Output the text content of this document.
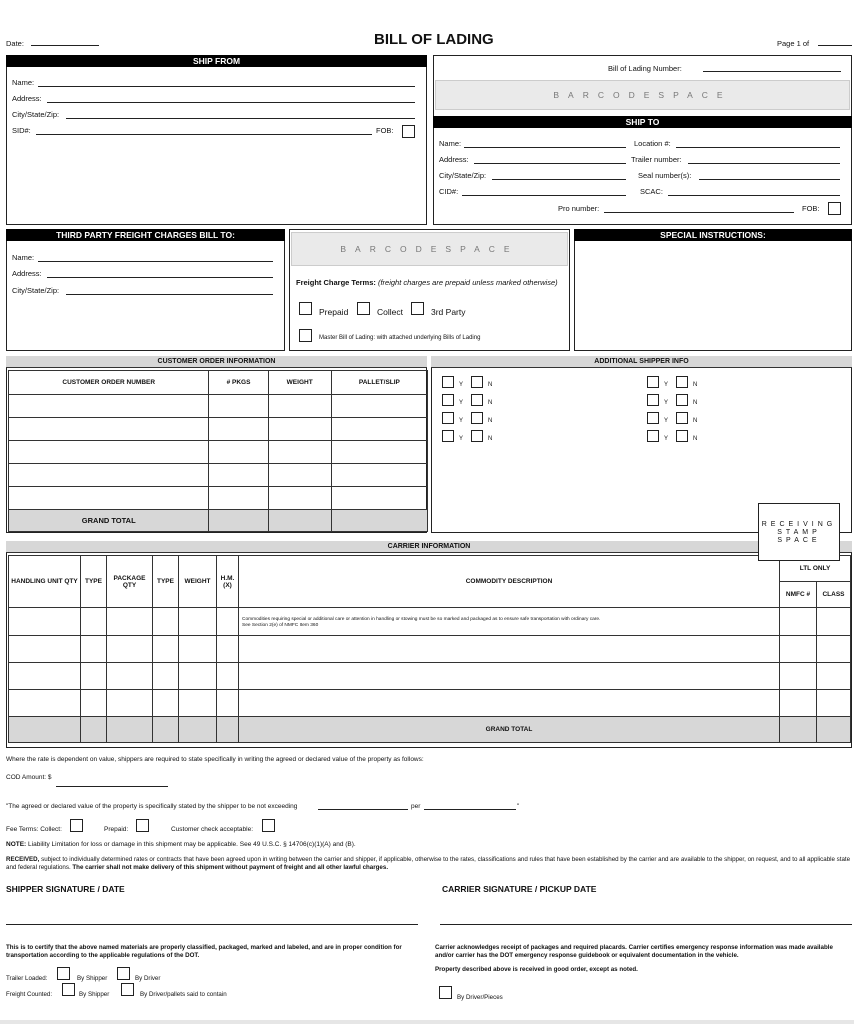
Date:	BILL OF LADING	Page 1 of
SHIP FROM
Name:
Address:
City/State/Zip:
SID#:	FOB:
Bill of Lading Number:
BARCODESPACE
SHIP TO
Name:	Location #:
Address:	Trailer number:
City/State/Zip:	Seal number(s):
CID#:	SCAC:
Pro number:	FOB:
THIRD PARTY FREIGHT CHARGES BILL TO:
Name:
Address:
City/State/Zip:
BARCODESPACE
Freight Charge Terms: (freight charges are prepaid unless marked otherwise)
Prepaid	Collect	3rd Party
Master Bill of Lading: with attached underlying Bills of Lading
SPECIAL INSTRUCTIONS:
CUSTOMER ORDER INFORMATION
CUSTOMER ORDER NUMBER	# PKGS	WEIGHT	PALLET/SLIP

GRAND TOTAL			
ADDITIONAL SHIPPER INFO
Y	N
Y	N
Y	N
Y	N
Y	N
Y	N
Y	N
Y	N
CARRIER INFORMATION
HANDLING UNIT QTY	TYPE	PACKAGE QTY	TYPE	WEIGHT	H.M. (X)	COMMODITY DESCRIPTION	LTL ONLY	
							NMFC #	CLASS

						Commodities requiring special or additional care or attention in handling or stowing must be so marked and packaged as to ensure safe transportation with ordinary care.
See Section 2(e) of NMFC Item 360		

						GRAND TOTAL		
RECEIVING STAMP SPACE
Where the rate is dependent on value, shippers are required to state specifically in writing the agreed or declared value of the property as follows:
COD Amount: $
"The agreed or declared value of the property is specifically stated by the shipper to be not exceeding	per	"
Fee Terms: Collect:	Prepaid:	Customer check acceptable:
NOTE: Liability Limitation for loss or damage in this shipment may be applicable. See 49 U.S.C. § 14706(c)(1)(A) and (B).
RECEIVED, subject to individually determined rates or contracts that have been agreed upon in writing between the carrier and shipper, if applicable, otherwise to the rates, classifications and rules that have been established by the carrier and are available to the shipper, on request, and to all applicable state and federal regulations. The carrier shall not make delivery of this shipment without payment of freight and all other lawful charges.
SHIPPER SIGNATURE / DATE	CARRIER SIGNATURE / PICKUP DATE
This is to certify that the above named materials are properly classified, packaged, marked and labeled, and are in proper condition for transportation according to the applicable regulations of the DOT.
Carrier acknowledges receipt of packages and required placards. Carrier certifies emergency response information was made available and/or carrier has the DOT emergency response guidebook or equivalent documentation in the vehicle.
Property described above is received in good order, except as noted.
Trailer Loaded:	By Shipper	By Driver
Freight Counted:	By Shipper	By Driver/pallets said to contain	By Driver/Pieces
